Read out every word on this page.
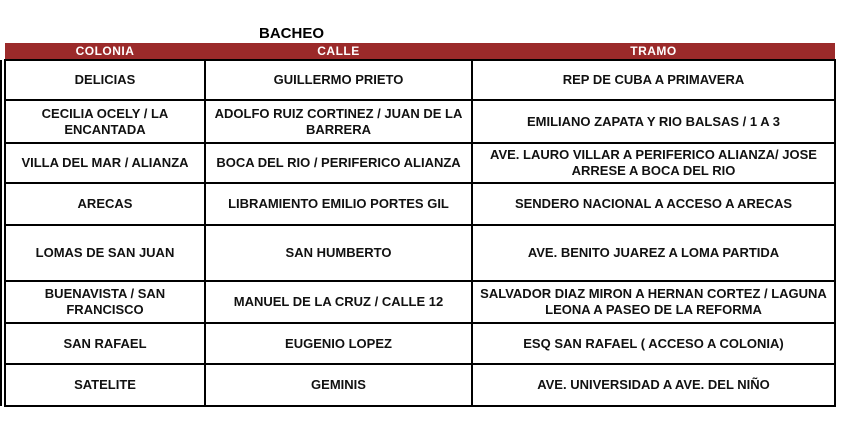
BACHEO
COLONIA	CALLE	TRAMO
DELICIAS	GUILLERMO PRIETO	REP DE CUBA A PRIMAVERA
CECILIA OCELY / LA ENCANTADA	ADOLFO RUIZ CORTINEZ / JUAN DE LA BARRERA	EMILIANO ZAPATA Y RIO BALSAS / 1 A 3
VILLA DEL MAR / ALIANZA	BOCA DEL RIO / PERIFERICO ALIANZA	AVE. LAURO VILLAR A PERIFERICO ALIANZA/ JOSE ARRESE A BOCA DEL RIO
ARECAS	LIBRAMIENTO EMILIO PORTES GIL	SENDERO NACIONAL A ACCESO A ARECAS
LOMAS DE SAN JUAN	SAN HUMBERTO	AVE. BENITO JUAREZ A LOMA PARTIDA
BUENAVISTA / SAN FRANCISCO	MANUEL DE LA CRUZ / CALLE 12	SALVADOR DIAZ MIRON A HERNAN CORTEZ / LAGUNA LEONA A PASEO DE LA REFORMA
SAN RAFAEL	EUGENIO LOPEZ	ESQ SAN RAFAEL ( ACCESO A COLONIA)
SATELITE	GEMINIS	AVE. UNIVERSIDAD A AVE. DEL NIÑO
